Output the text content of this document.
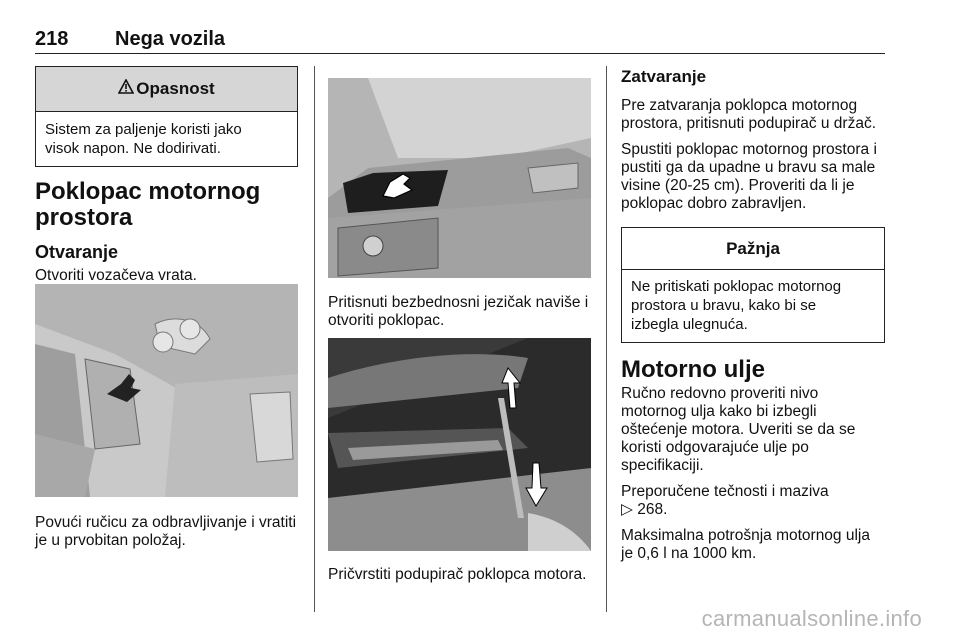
218 Nega vozila
Opasnost
Sistem za paljenje koristi jako visok napon. Ne dodirivati.
Poklopac motornog prostora
Otvaranje

Otvoriti vozačeva vrata.

Povući ručicu za odbravljivanje i vratiti je u prvobitan položaj.

Pritisnuti bezbednosni jezičak naviše i otvoriti poklopac.

Pričvrstiti podupirač poklopca motora.

Zatvaranje

Pre zatvaranja poklopca motornog prostora, pritisnuti podupirač u držač.

Spustiti poklopac motornog prostora i pustiti ga da upadne u bravu sa male visine (20-25 cm). Proveriti da li je poklopac dobro zabravljen.

Pažnja
Ne pritiskati poklopac motornog prostora u bravu, kako bi se izbegla ulegnuća.
Motorno ulje

Ručno redovno proveriti nivo motornog ulja kako bi izbegli oštećenje motora. Uveriti se da se koristi odgovarajuće ulje po specifikaciji.

Preporučene tečnosti i maziva
▷ 268.

Maksimalna potrošnja motornog ulja je 0,6 l na 1000 km.

carmanualsonline.info
